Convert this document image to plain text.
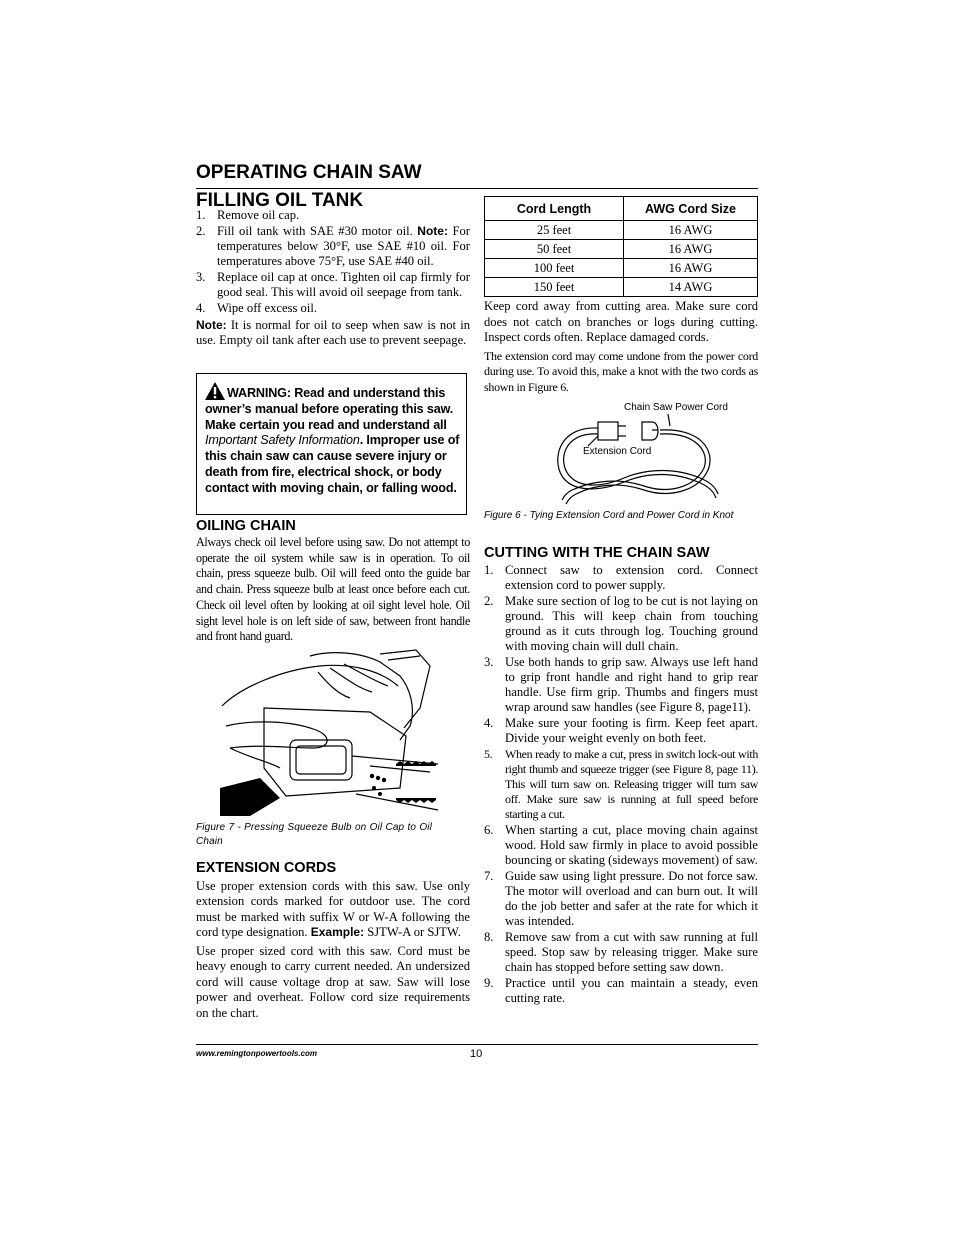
OPERATING CHAIN SAW
FILLING OIL TANK
1. Remove oil cap.
2. Fill oil tank with SAE #30 motor oil. Note: For temperatures below 30°F, use SAE #10 oil. For temperatures above 75°F, use SAE #40 oil.
3. Replace oil cap at once. Tighten oil cap firmly for good seal. This will avoid oil seepage from tank.
4. Wipe off excess oil.

Note: It is normal for oil to seep when saw is not in use. Empty oil tank after each use to prevent seepage.

WARNING: Read and understand this owner’s manual before operating this saw. Make certain you read and understand all Important Safety Information. Improper use of this chain saw can cause severe injury or death from fire, electrical shock, or body contact with moving chain, or falling wood.
OILING CHAIN

Always check oil level before using saw. Do not attempt to operate the oil system while saw is in operation. To oil chain, press squeeze bulb. Oil will feed onto the guide bar and chain. Press squeeze bulb at least once before each cut. Check oil level often by looking at oil sight level hole. Oil sight level hole is on left side of saw, between front handle and front hand guard.

Figure 7 - Pressing Squeeze Bulb on Oil Cap to Oil Chain
EXTENSION CORDS

Use proper extension cords with this saw. Use only extension cords marked for outdoor use. The cord must be marked with suffix W or W-A following the cord type designation. Example: SJTW-A or SJTW.

Use proper sized cord with this saw. Cord must be heavy enough to carry current needed. An undersized cord will cause voltage drop at saw. Saw will lose power and overheat. Follow cord size requirements on the chart.

Cord Length	AWG Cord Size
25 feet	16 AWG
50 feet	16 AWG
100 feet	16 AWG
150 feet	14 AWG

Keep cord away from cutting area. Make sure cord does not catch on branches or logs during cutting. Inspect cords often. Replace damaged cords.

The extension cord may come undone from the power cord during use. To avoid this, make a knot with the two cords as shown in Figure 6.

Chain Saw Power Cord
Extension Cord
Figure 6 - Tying Extension Cord and Power Cord in Knot
CUTTING WITH THE CHAIN SAW
1. Connect saw to extension cord. Connect extension cord to power supply.
2. Make sure section of log to be cut is not laying on ground. This will keep chain from touching ground as it cuts through log. Touching ground with moving chain will dull chain.
3. Use both hands to grip saw. Always use left hand to grip front handle and right hand to grip rear handle. Use firm grip. Thumbs and fingers must wrap around saw handles (see Figure 8, page11).
4. Make sure your footing is firm. Keep feet apart. Divide your weight evenly on both feet.
5. When ready to make a cut, press in switch lock-out with right thumb and squeeze trigger (see Figure 8, page 11). This will turn saw on. Releasing trigger will turn saw off. Make sure saw is running at full speed before starting a cut.
6. When starting a cut, place moving chain against wood. Hold saw firmly in place to avoid possible bouncing or skating (sideways movement) of saw.
7. Guide saw using light pressure. Do not force saw. The motor will overload and can burn out. It will do the job better and safer at the rate for which it was intended.
8. Remove saw from a cut with saw running at full speed. Stop saw by releasing trigger. Make sure chain has stopped before setting saw down.
9. Practice until you can maintain a steady, even cutting rate.
www.remingtonpowertools.com	10
